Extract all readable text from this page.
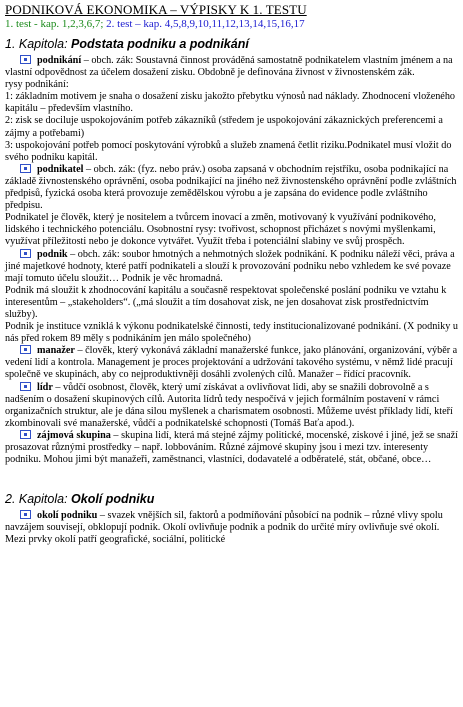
PODNIKOVÁ EKONOMIKA – VÝPISKY K 1. TESTU

1. test - kap. 1,2,3,6,7; 2. test – kap. 4,5,8,9,10,11,12,13,14,15,16,17

1. Kapitola: Podstata podniku a podnikání

podnikání – obch. zák: Soustavná činnost prováděná samostatně podnikatelem vlastním jménem a na vlastní odpovědnost za účelem dosažení zisku. Obdobně je definována živnost v živnostenském zák.

rysy podnikání:

1: základním motivem je snaha o dosažení zisku jakožto přebytku výnosů nad náklady. Zhodnocení vloženého kapitálu – především vlastního.

2: zisk se dociluje uspokojováním potřeb zákazníků (středem je uspokojování zákaznických preferencemi a zájmy a potřebami)

3: uspokojování potřeb pomocí poskytování výrobků a služeb znamená četlit riziku.Podnikatel musí vložit do svého podniku kapitál.

podnikatel – obch. zák: (fyz. nebo práv.) osoba zapsaná v obchodním rejstříku, osoba podnikající na základě živnostenského oprávnění, osoba podnikající na jiného než živnostenského oprávnění podle zvláštních předpisů, fyzická osoba která provozuje zemědělskou výrobu a je zapsána do evidence podle zvláštního předpisu.

Podnikatel je člověk, který je nositelem a tvůrcem inovací a změn, motivovaný k využívání podnikového, lidského i technického potenciálu. Osobnostní rysy: tvořivost, schopnost přicházet s novými myšlenkami, využívat příležitosti nebo je dokonce vytvářet. Využít třeba i potenciální slabiny ve svůj prospěch.

podnik – obch. zák: soubor hmotných a nehmotných složek podnikání. K podniku náleží věci, práva a jiné majetkové hodnoty, které patří podnikateli a slouží k provozování podniku nebo vzhledem ke své povaze mají tomuto účelu sloužit… Podnik je věc hromadná.

Podnik má sloužit k zhodnocování kapitálu a současně respektovat společenské poslání podniku ve vztahu k interesentům – „stakeholders“. („má sloužit a tím dosahovat zisk, ne jen dosahovat zisk prostřednictvím služby).

Podnik je instituce vzniklá k výkonu podnikatelské činnosti, tedy institucionalizované podnikání. (X podniky u nás před rokem 89 měly s podnikáním jen málo společného)

manažer – člověk, který vykonává základní manažerské funkce, jako plánování, organizování, výběr a vedení lidí a kontrola. Management je proces projektování a udržování takového systému, v němž lidé pracují společně ve skupinách, aby co nejproduktivněji dosáhli zvolených cílů. Manažer – řídící pracovník.

lídr – vůdčí osobnost, člověk, který umí získávat a ovlivňovat lidi, aby se snažili dobrovolně a s nadšením o dosažení skupinových cílů. Autorita lídrů tedy nespočívá v jejich formálním postavení v rámci organizačních struktur, ale je dána silou myšlenek a charismatem osobnosti. Můžeme uvést příklady lidí, kteří zkombinovali své manažerské, vůdčí a podnikatelské schopnosti (Tomáš Baťa apod.).

zájmová skupina – skupina lidí, která má stejné zájmy politické, mocenské, ziskové i jiné, jež se snaží prosazovat různými prostředky – např. lobbováním. Různé zájmové skupiny jsou i mezi tzv. interesenty podniku. Mohou jimi být manažeři, zaměstnanci, vlastníci, dodavatelé a odběratelé, stát, občané, obce…

2. Kapitola: Okolí podniku

okolí podniku – svazek vnějších sil, faktorů a podmíňování působící na podnik – různé vlivy spolu navzájem souvisejí, obklopují podnik. Okolí ovlivňuje podnik a podnik do určité míry ovlivňuje své okolí. Mezi prvky okolí patří geografické, sociální, politické
